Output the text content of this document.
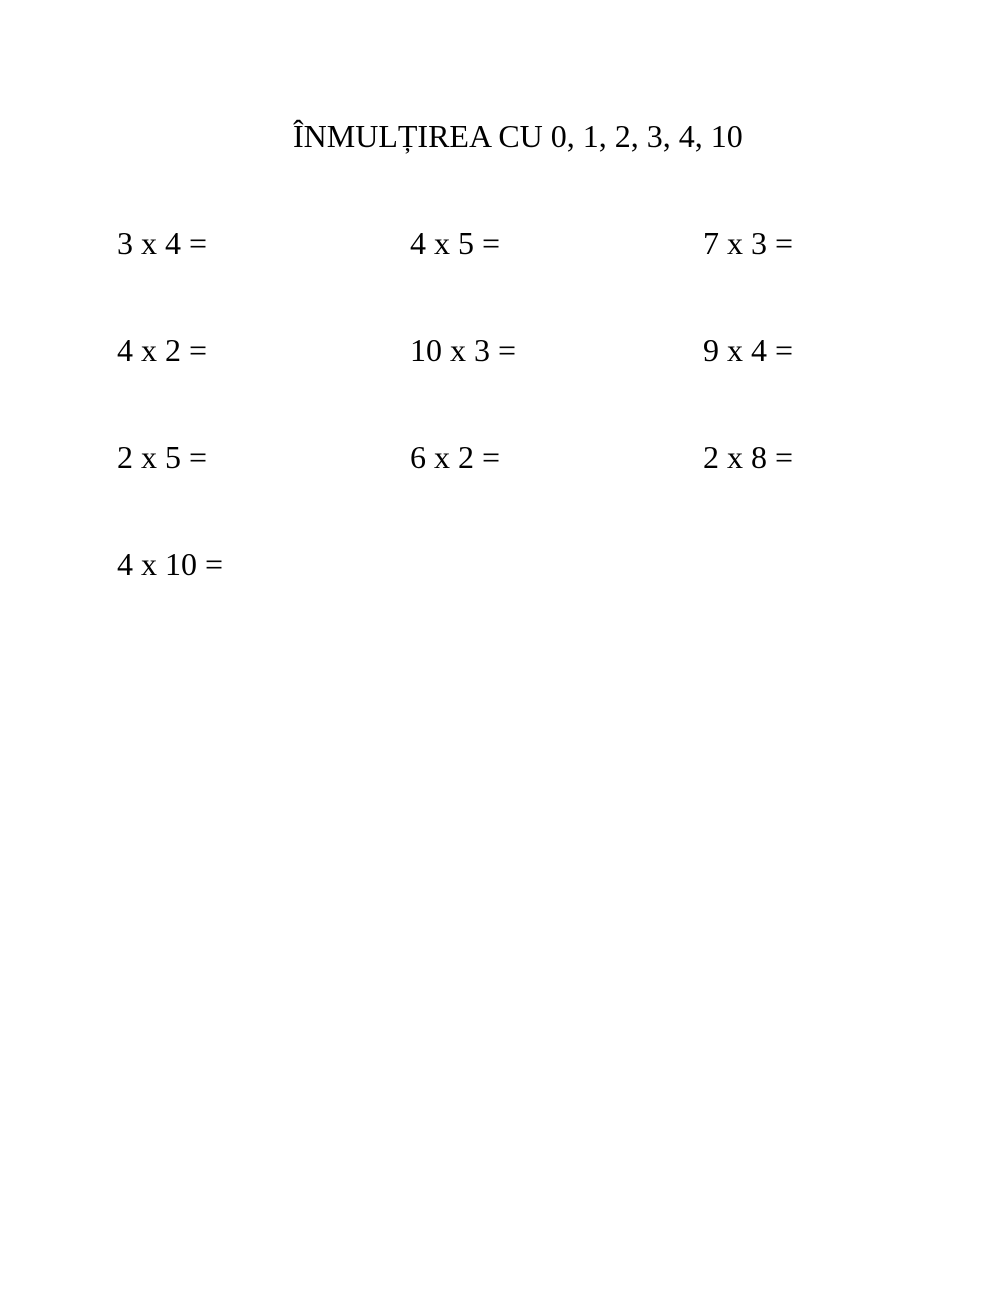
ÎNMULȚIREA CU 0, 1, 2, 3, 4, 10
3 x 4 =	4 x 5 =	7 x 3 =
4 x 2 =	10 x 3 =	9 x 4 =
2 x 5 =	6 x 2 =	2 x 8 =
4 x 10 =
